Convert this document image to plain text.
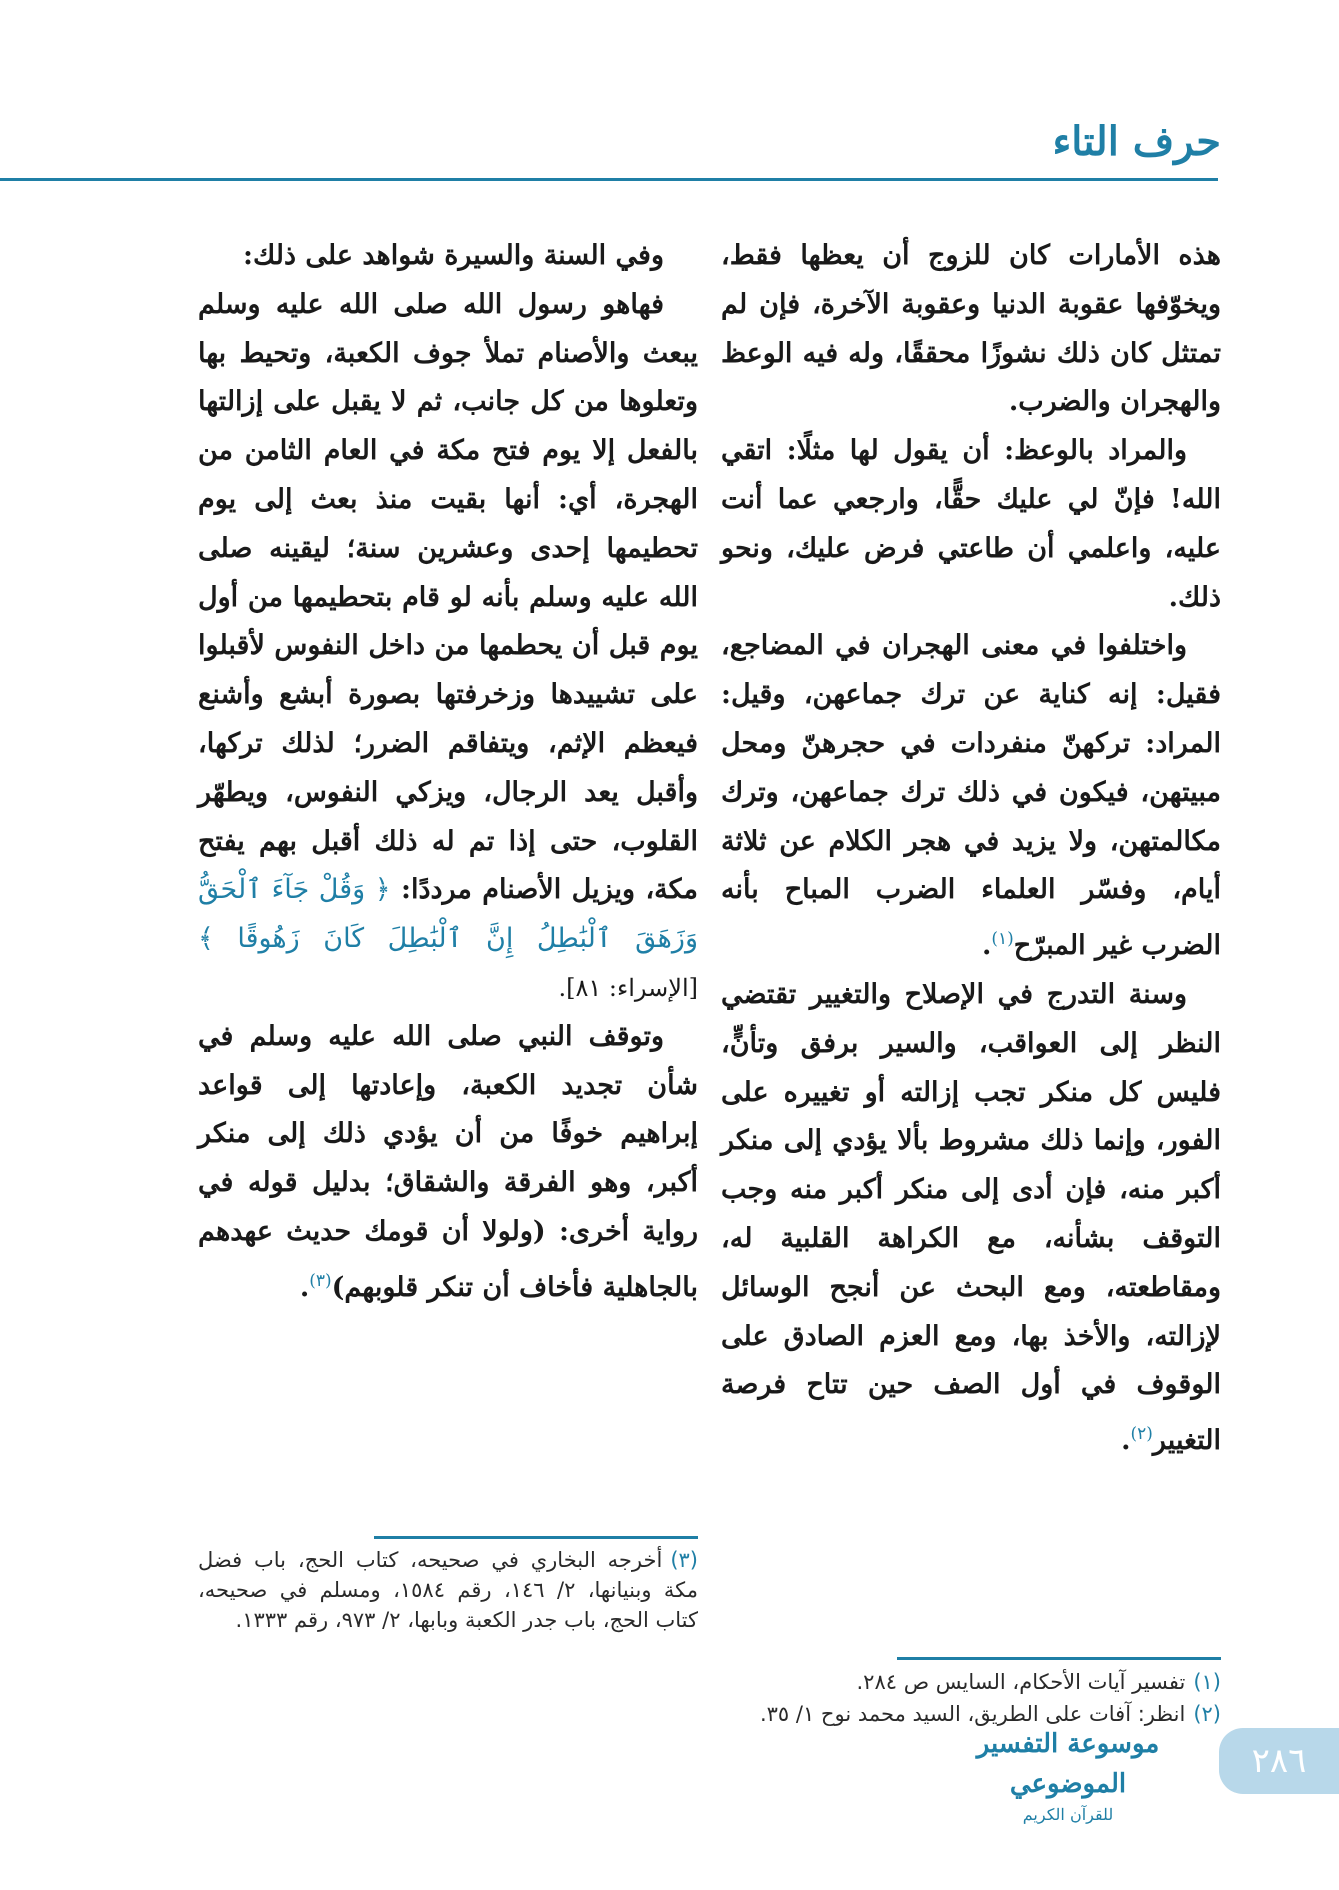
حرف التاء

هذه الأمارات كان للزوج أن يعظها فقط، ويخوّفها عقوبة الدنيا وعقوبة الآخرة، فإن لم تمتثل كان ذلك نشوزًا محققًا، وله فيه الوعظ والهجران والضرب.

والمراد بالوعظ: أن يقول لها مثلًا: اتقي الله! فإنّ لي عليك حقًّا، وارجعي عما أنت عليه، واعلمي أن طاعتي فرض عليك، ونحو ذلك.

واختلفوا في معنى الهجران في المضاجع، فقيل: إنه كناية عن ترك جماعهن، وقيل: المراد: تركهنّ منفردات في حجرهنّ ومحل مبيتهن، فيكون في ذلك ترك جماعهن، وترك مكالمتهن، ولا يزيد في هجر الكلام عن ثلاثة أيام، وفسّر العلماء الضرب المباح بأنه الضرب غير المبرّح$^{(١)}$.

وسنة التدرج في الإصلاح والتغيير تقتضي النظر إلى العواقب، والسير برفق وتأنٍّ، فليس كل منكر تجب إزالته أو تغييره على الفور، وإنما ذلك مشروط بألا يؤدي إلى منكر أكبر منه، فإن أدى إلى منكر أكبر منه وجب التوقف بشأنه، مع الكراهة القلبية له، ومقاطعته، ومع البحث عن أنجح الوسائل لإزالته، والأخذ بها، ومع العزم الصادق على الوقوف في أول الصف حين تتاح فرصة التغيير$^{(٢)}$.

وفي السنة والسيرة شواهد على ذلك:

فهاهو رسول الله صلى الله عليه وسلم يبعث والأصنام تملأ جوف الكعبة، وتحيط بها وتعلوها من كل جانب، ثم لا يقبل على إزالتها بالفعل إلا يوم فتح مكة في العام الثامن من الهجرة، أي: أنها بقيت منذ بعث إلى يوم تحطيمها إحدى وعشرين سنة؛ ليقينه صلى الله عليه وسلم بأنه لو قام بتحطيمها من أول يوم قبل أن يحطمها من داخل النفوس لأقبلوا على تشييدها وزخرفتها بصورة أبشع وأشنع فيعظم الإثم، ويتفاقم الضرر؛ لذلك تركها، وأقبل يعد الرجال، ويزكي النفوس، ويطهّر القلوب، حتى إذا تم له ذلك أقبل بهم يفتح مكة، ويزيل الأصنام مرددًا: ﴿ وَقُلْ جَآءَ ٱلْحَقُّ وَزَهَقَ ٱلْبَٰطِلُ إِنَّ ٱلْبَٰطِلَ كَانَ زَهُوقًا ﴾ [الإسراء: ٨١].

وتوقف النبي صلى الله عليه وسلم في شأن تجديد الكعبة، وإعادتها إلى قواعد إبراهيم خوفًا من أن يؤدي ذلك إلى منكر أكبر، وهو الفرقة والشقاق؛ بدليل قوله في رواية أخرى: (ولولا أن قومك حديث عهدهم بالجاهلية فأخاف أن تنكر قلوبهم)$^{(٣)}$.

(١)تفسير آيات الأحكام، السايس ص ٢٨٤.

(٢)انظر: آفات على الطريق، السيد محمد نوح ١/ ٣٥.

(٣)أخرجه البخاري في صحيحه، كتاب الحج، باب فضل مكة وبنيانها، ٢/ ١٤٦، رقم ١٥٨٤، ومسلم في صحيحه، كتاب الحج، باب جدر الكعبة وبابها، ٢/ ٩٧٣، رقم ١٣٣٣.

موسوعة التفسير الموضوعي
للقرآن الكريم
٢٨٦
